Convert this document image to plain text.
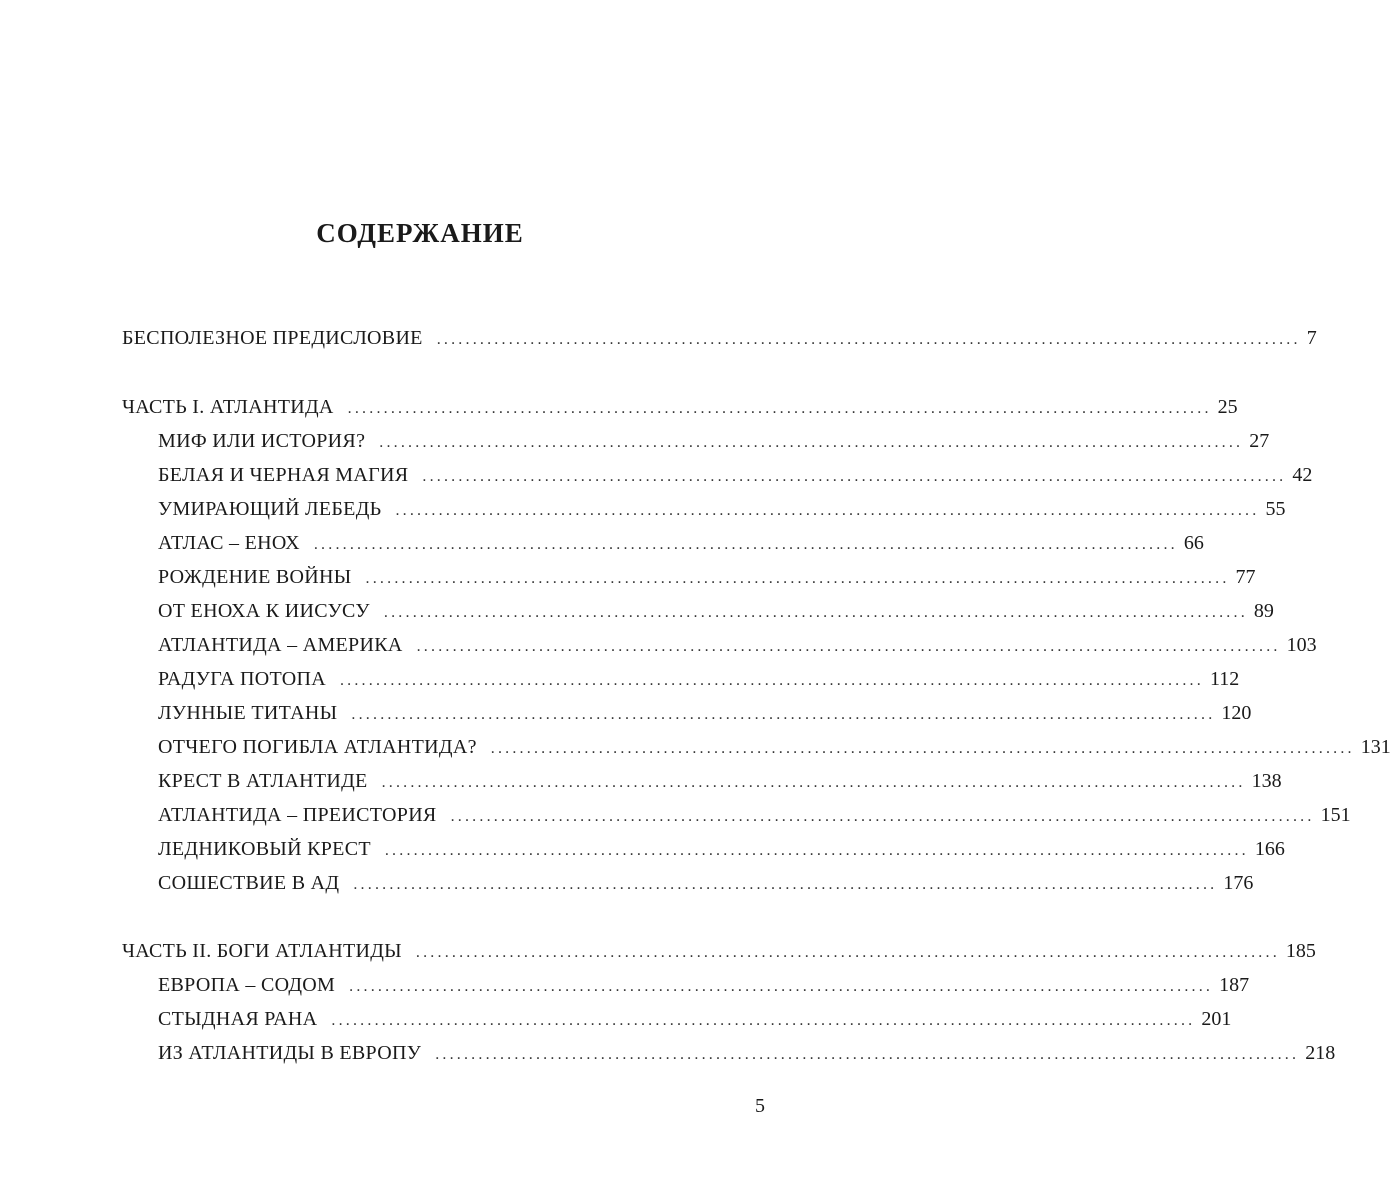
СОДЕРЖАНИЕ
БЕСПОЛЕЗНОЕ ПРЕДИСЛОВИЕ ........................................................................................................................ 7
ЧАСТЬ I. АТЛАНТИДА ........................................................................................................................ 25
МИФ ИЛИ ИСТОРИЯ? ........................................................................................................................ 27
БЕЛАЯ И ЧЕРНАЯ МАГИЯ ........................................................................................................................ 42
УМИРАЮЩИЙ ЛЕБЕДЬ ........................................................................................................................ 55
АТЛАС – ЕНОХ ........................................................................................................................ 66
РОЖДЕНИЕ ВОЙНЫ ........................................................................................................................ 77
ОТ ЕНОХА К ИИСУСУ ........................................................................................................................ 89
АТЛАНТИДА – АМЕРИКА ........................................................................................................................ 103
РАДУГА ПОТОПА ........................................................................................................................ 112
ЛУННЫЕ ТИТАНЫ ........................................................................................................................ 120
ОТЧЕГО ПОГИБЛА АТЛАНТИДА? ........................................................................................................................ 131
КРЕСТ В АТЛАНТИДЕ ........................................................................................................................ 138
АТЛАНТИДА – ПРЕИСТОРИЯ ........................................................................................................................ 151
ЛЕДНИКОВЫЙ КРЕСТ ........................................................................................................................ 166
СОШЕСТВИЕ В АД ........................................................................................................................ 176
ЧАСТЬ II. БОГИ АТЛАНТИДЫ ........................................................................................................................ 185
ЕВРОПА – СОДОМ ........................................................................................................................ 187
СТЫДНАЯ РАНА ........................................................................................................................ 201
ИЗ АТЛАНТИДЫ В ЕВРОПУ ........................................................................................................................ 218
5
